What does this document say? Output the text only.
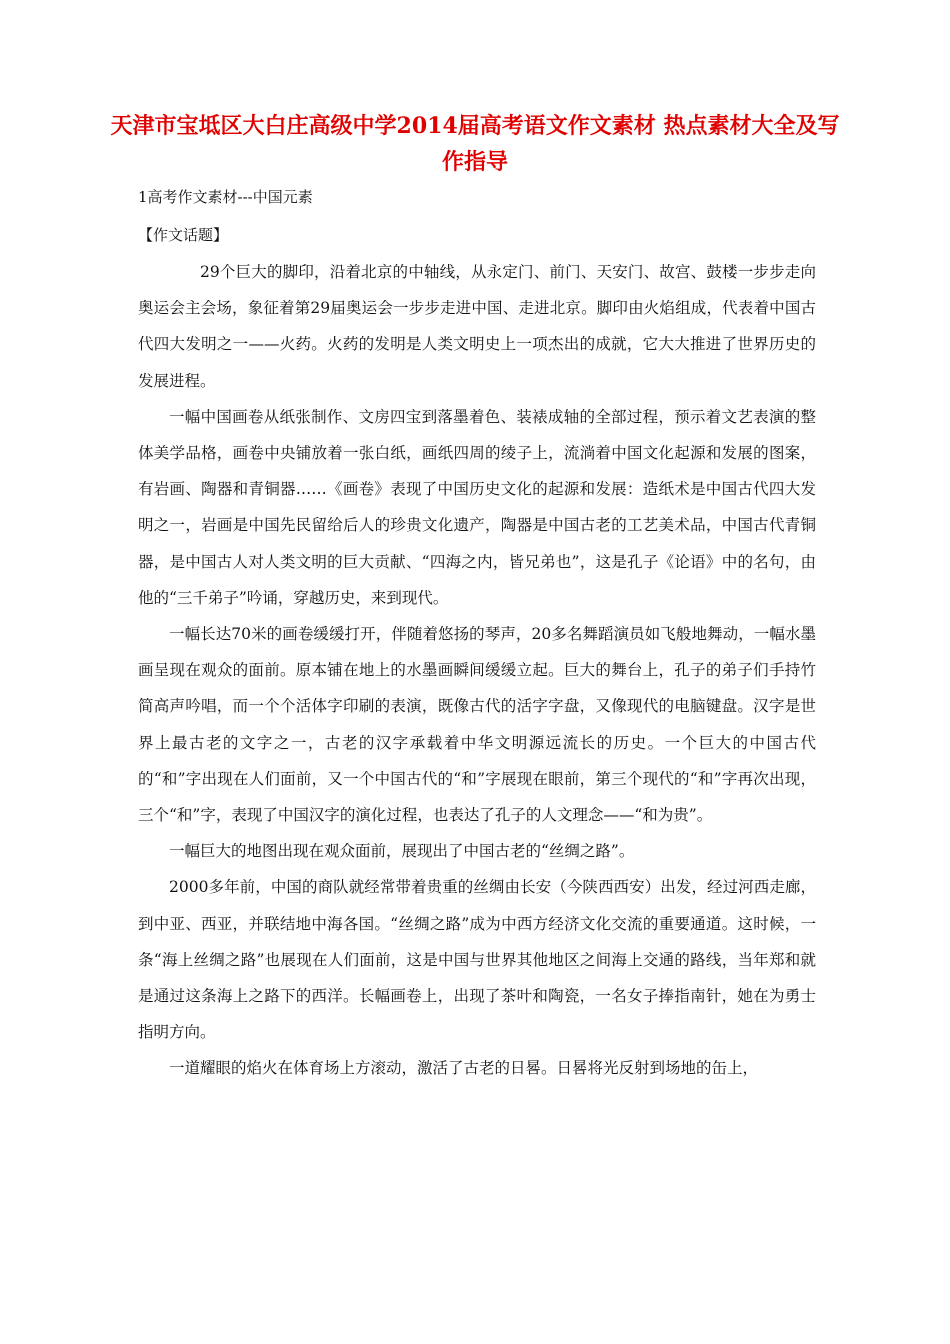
天津市宝坻区大白庄高级中学2014届高考语文作文素材 热点素材大全及写作指导
1高考作文素材---中国元素
【作文话题】

29个巨大的脚印，沿着北京的中轴线，从永定门、前门、天安门、故宫、鼓楼一步步走向奥运会主会场，象征着第29届奥运会一步步走进中国、走进北京。脚印由火焰组成，代表着中国古代四大发明之一——火药。火药的发明是人类文明史上一项杰出的成就，它大大推进了世界历史的发展进程。

一幅中国画卷从纸张制作、文房四宝到落墨着色、装裱成轴的全部过程，预示着文艺表演的整体美学品格，画卷中央铺放着一张白纸，画纸四周的绫子上，流淌着中国文化起源和发展的图案，有岩画、陶器和青铜器……《画卷》表现了中国历史文化的起源和发展：造纸术是中国古代四大发明之一，岩画是中国先民留给后人的珍贵文化遗产，陶器是中国古老的工艺美术品，中国古代青铜器，是中国古人对人类文明的巨大贡献、“四海之内，皆兄弟也”，这是孔子《论语》中的名句，由他的“三千弟子”吟诵，穿越历史，来到现代。

一幅长达70米的画卷缓缓打开，伴随着悠扬的琴声，20多名舞蹈演员如飞般地舞动，一幅水墨画呈现在观众的面前。原本铺在地上的水墨画瞬间缓缓立起。巨大的舞台上，孔子的弟子们手持竹简高声吟唱，而一个个活体字印刷的表演，既像古代的活字字盘，又像现代的电脑键盘。汉字是世界上最古老的文字之一，古老的汉字承载着中华文明源远流长的历史。一个巨大的中国古代的“和”字出现在人们面前，又一个中国古代的“和”字展现在眼前，第三个现代的“和”字再次出现，三个“和”字，表现了中国汉字的演化过程，也表达了孔子的人文理念——“和为贵”。

一幅巨大的地图出现在观众面前，展现出了中国古老的“丝绸之路”。

2000多年前，中国的商队就经常带着贵重的丝绸由长安（今陕西西安）出发，经过河西走廊，到中亚、西亚，并联结地中海各国。“丝绸之路”成为中西方经济文化交流的重要通道。这时候，一条“海上丝绸之路”也展现在人们面前，这是中国与世界其他地区之间海上交通的路线，当年郑和就是通过这条海上之路下的西洋。长幅画卷上，出现了茶叶和陶瓷，一名女子捧指南针，她在为勇士指明方向。

一道耀眼的焰火在体育场上方滚动，激活了古老的日晷。日晷将光反射到场地的缶上，
